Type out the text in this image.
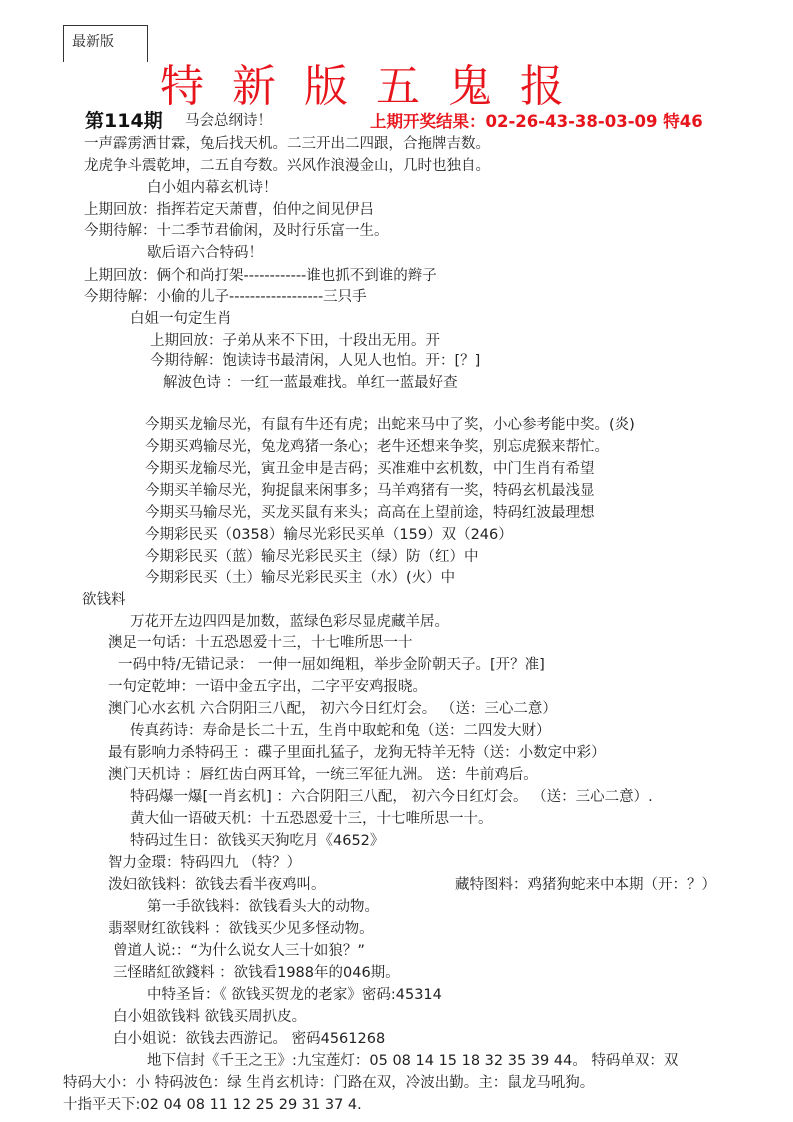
最新版
特 新 版 五 鬼 报
第114期	上期开奖结果：02-26-43-38-03-09 特46
马会总纲诗！
一声霹雳洒甘霖，兔后找天机。二三开出二四跟，合拖牌吉数。
龙虎争斗震乾坤，二五自夸数。兴风作浪漫金山，几时也独自。
白小姐内幕玄机诗！
上期回放：指挥若定天萧曹，伯仲之间见伊吕
今期待解：十二季节君偷闲，及时行乐富一生。
歇后语六合特码！
上期回放：俩个和尚打架------------谁也抓不到谁的辫子
今期待解：小偷的儿子------------------三只手
白姐一句定生肖
上期回放：子弟从来不下田，十段出无用。开
今期待解：饱读诗书最清闲，人见人也怕。开：[？]
解波色诗 ：一红一蓝最难找。单红一蓝最好查
今期买龙输尽光，有鼠有牛还有虎；出蛇来马中了奖，小心参考能中奖。(炎)
今期买鸡输尽光，兔龙鸡猪一条心；老牛还想来争奖，别忘虎猴来帮忙。
今期买龙输尽光，寅丑金申是吉码；买准难中玄机数，中门生肖有希望
今期买羊输尽光，狗捉鼠来闲事多；马羊鸡猪有一奖，特码玄机最浅显
今期买马输尽光，买龙买鼠有来头；高高在上望前途，特码红波最理想
今期彩民买（0358）输尽光彩民买单（159）双（246）
今期彩民买（蓝）输尽光彩民买主（绿）防（红）中
今期彩民买（土）输尽光彩民买主（水）(火）中
欲钱料
万花开左边四四是加数，蓝绿色彩尽显虎藏羊居。
澳足一句话：十五恐恩爱十三，十七唯所思一十
一码中特/无错记录： 一伸一屈如绳粗，举步金阶朝天子。[开？准]
一句定乾坤：一语中金五字出，二字平安鸡报晓。
澳门心水玄机 六合阴阳三八配， 初六今日红灯会。 （送：三心二意）
传真药诗：寿命是长二十五，生肖中取蛇和兔（送：二四发大财）
最有影响力杀特码王 ：碟子里面扎猛子，龙狗无特羊无特（送：小数定中彩）
澳门天机诗 ：唇红齿白两耳耸，一统三军征九洲。 送：牛前鸡后。
特码爆一爆[一肖玄机] ：六合阴阳三八配， 初六今日红灯会。 （送：三心二意）.
黄大仙一语破天机：十五恐恩爱十三，十七唯所思一十。
特码过生日：欲钱买天狗吃月《4652》
智力金環：特码四九 （特？）
泼妇欲钱料：欲钱去看半夜鸡叫。	藏特图料：鸡猪狗蛇来中本期（开：？）
第一手欲钱料：欲钱看头大的动物。
翡翠财红欲钱料 ：欲钱买少见多怪动物。
曾道人说:：“为什么说女人三十如狼？”
三怪睹紅欲錢料 ：欲钱看1988年的046期。
中特圣旨：《 欲钱买贺龙的老家》密码:45314
白小姐欲钱料 欲钱买周扒皮。
白小姐说：欲钱去西游记。 密码4561268
地下信封《千王之王》:九宝莲灯：05 08 14 15 18 32 35 39 44。 特码单双：双
特码大小：小 特码波色：绿 生肖玄机诗：门路在双，冷波出勤。主：鼠龙马吼狗。
十指平天下:02 04 08 11 12 25 29 31 37 4.
